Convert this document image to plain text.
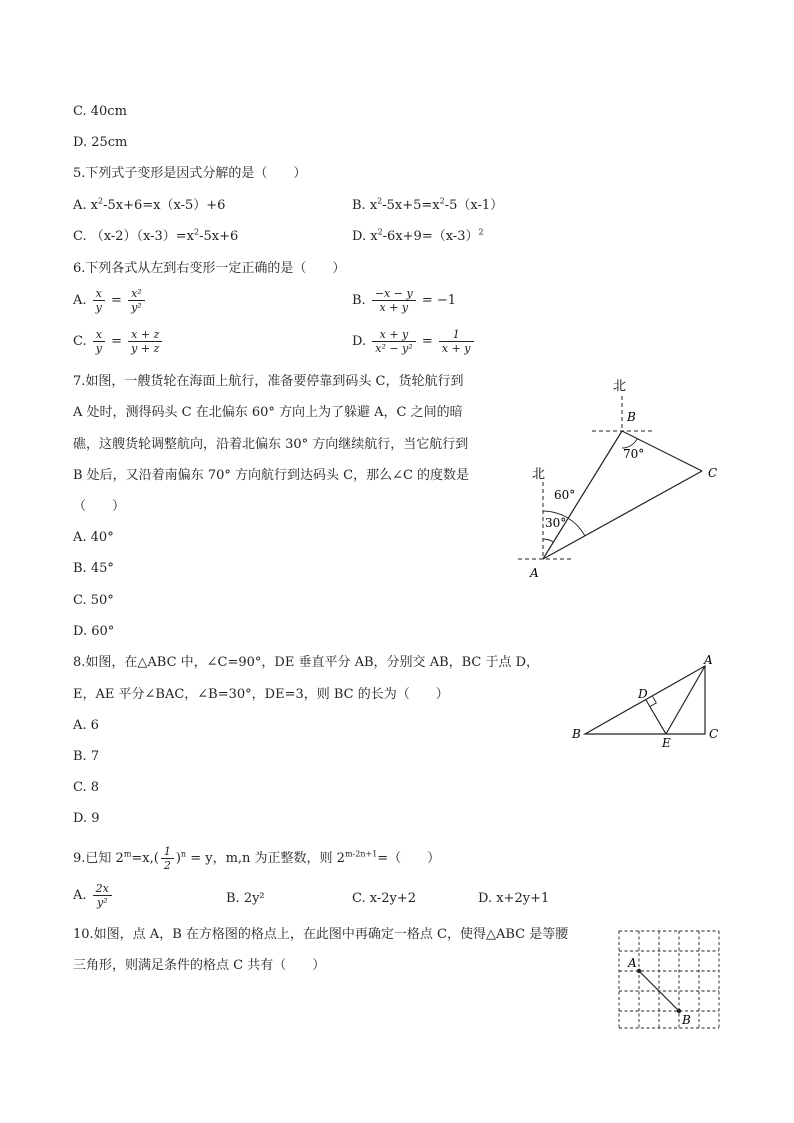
C. 40cm
D. 25cm
5.下列式子变形是因式分解的是（　　）
A. $x^2-5x+6=x(x-5)+6$	B. $x^2-5x+5=x^2-5(x-1)$
C. $(x-2)(x-3)=x^2-5x+6$	D. $x^2-6x+9=(x-3)^2$
6.下列各式从左到右变形一定正确的是（　　）
A. $\frac{x}{y} = \frac{\text{x²}}{\text{y²}}$	B. $\frac{-x - y}{x + y} = -1$
C. $\frac{x}{y} = \frac{x + z}{y + z}$	D. $\frac{x + y}{\text{x² − y²}} = \frac{1}{x + y}$
7.如图，一艘货轮在海面上航行，准备要停靠到码头 C，货轮航行到
A 处时，测得码头 C 在北偏东 60° 方向上为了躲避 A，C 之间的暗
礁，这艘货轮调整航向，沿着北偏东 30° 方向继续航行，当它航行到
B 处后，又沿着南偏东 70° 方向航行到达码头 C，那么∠C 的度数是
（　　）
A. 40°
B. 45°
C. 50°
D. 60°
北
B
北
60°
30°
70°
C
A
8.如图，在△ABC 中，∠C=90°，DE 垂直平分 AB，分别交 AB，BC 于点 D，
E，AE 平分∠BAC，∠B=30°，DE=3，则 BC 的长为（　　）
A. 6
B. 7
C. 8
D. 9
A
B	C
D
E
9.已知 $2^m=x,( \frac{1}{2} )^n = y$，m,n 为正整数，则 $2^{m-2n+1}=$（　　）
A. $\frac{2x}{\text{y²}}$	B. 2y²	C. x-2y+2	D. x+2y+1
10.如图，点 A，B 在方格图的格点上，在此图中再确定一格点 C，使得△ABC 是等腰
三角形，则满足条件的格点 C 共有（　　）	A
B
